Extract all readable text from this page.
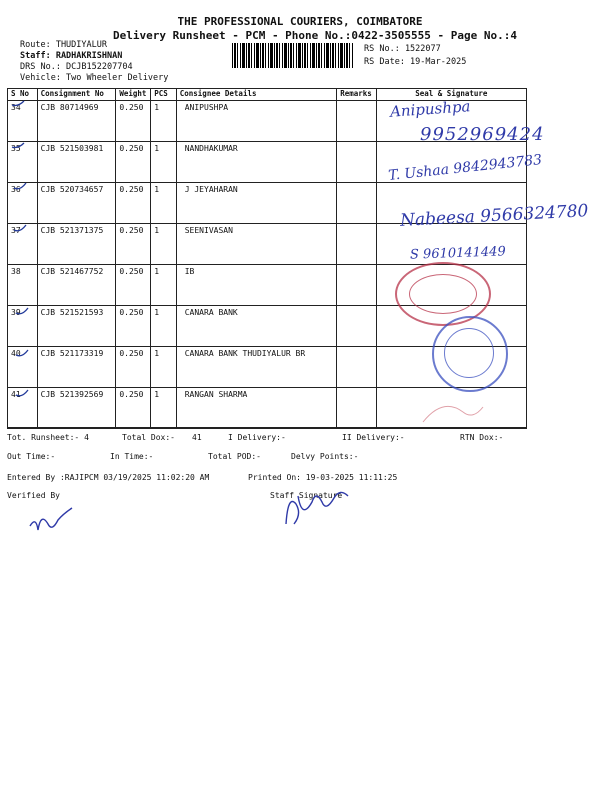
THE PROFESSIONAL COURIERS, COIMBATORE
Delivery Runsheet - PCM - Phone No.:0422-3505555 - Page No.:4
Route: THUDIYALUR
Staff: RADHAKRISHNAN
DRS No.: DCJB152207704
Vehicle: Two Wheeler Delivery
RS No.: 1522077
RS Date: 19-Mar-2025
S No	Consignment No	Weight	PCS	Consignee Details	Remarks	Seal & Signature
34	CJB 80714969	0.250	1	ANIPUSHPA		
35	CJB 521503981	0.250	1	NANDHAKUMAR		
36	CJB 520734657	0.250	1	J JEYAHARAN		
37	CJB 521371375	0.250	1	SEENIVASAN		
38	CJB 521467752	0.250	1	IB		
39	CJB 521521593	0.250	1	CANARA BANK		
40	CJB 521173319	0.250	1	CANARA BANK THUDIYALUR BR		
41	CJB 521392569	0.250	1	RANGAN SHARMA		
Anipushpa
9952969424
T. Ushaa 9842943783
Nabeesa 9566324780
S 9610141449
Tot. Runsheet:- 4	Total Dox:- 41	I Delivery:-	II Delivery:-	RTN Dox:-
Out Time:-	In Time:-	Total POD:-	Delvy Points:-
Entered By :RAJIPCM 03/19/2025 11:02:20 AM	Printed On: 19-03-2025 11:11:25
Verified By	Staff Signature
